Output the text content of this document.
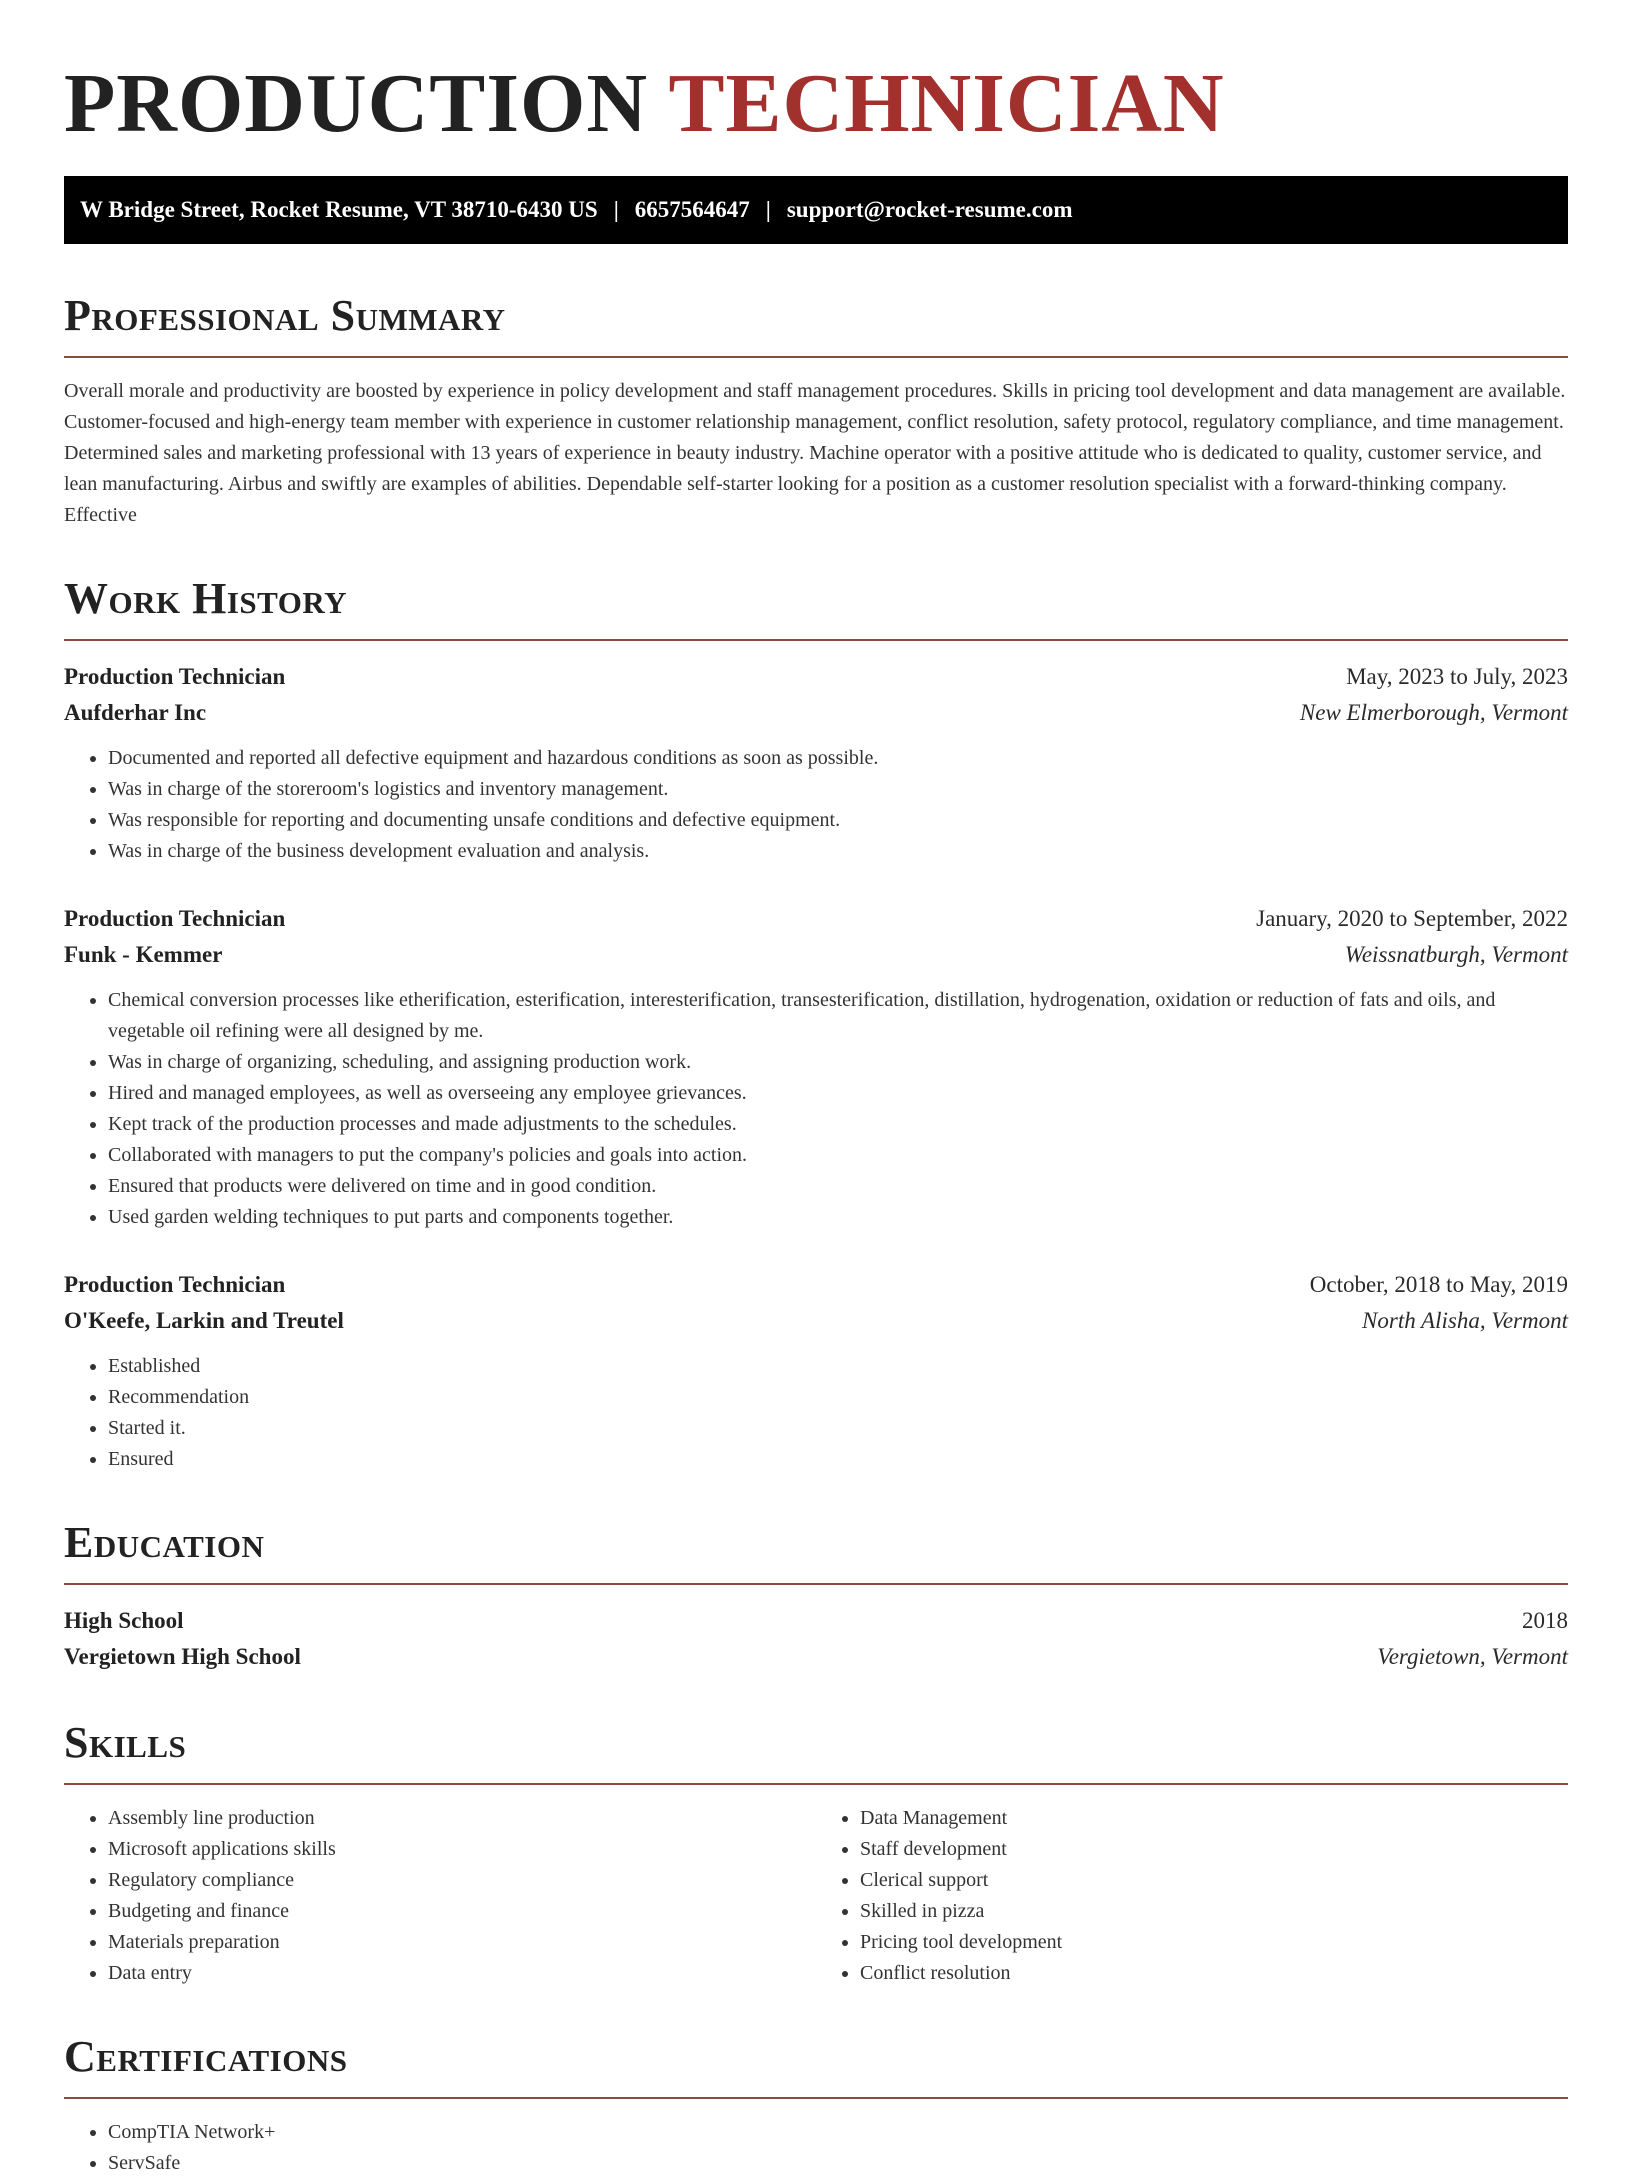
PRODUCTION TECHNICIAN
W Bridge Street, Rocket Resume, VT 38710-6430 US | 6657564647 | support@rocket-resume.com
Professional Summary

Overall morale and productivity are boosted by experience in policy development and staff management procedures. Skills in pricing tool development and data management are available. Customer-focused and high-energy team member with experience in customer relationship management, conflict resolution, safety protocol, regulatory compliance, and time management. Determined sales and marketing professional with 13 years of experience in beauty industry. Machine operator with a positive attitude who is dedicated to quality, customer service, and lean manufacturing. Airbus and swiftly are examples of abilities. Dependable self-starter looking for a position as a customer resolution specialist with a forward-thinking company. Effective

Work History
Production Technician	May, 2023 to July, 2023
Aufderhar Inc	New Elmerborough, Vermont
• Documented and reported all defective equipment and hazardous conditions as soon as possible.
• Was in charge of the storeroom's logistics and inventory management.
• Was responsible for reporting and documenting unsafe conditions and defective equipment.
• Was in charge of the business development evaluation and analysis.
Production Technician	January, 2020 to September, 2022
Funk - Kemmer	Weissnatburgh, Vermont
• Chemical conversion processes like etherification, esterification, interesterification, transesterification, distillation, hydrogenation, oxidation or reduction of fats and oils, and vegetable oil refining were all designed by me.
• Was in charge of organizing, scheduling, and assigning production work.
• Hired and managed employees, as well as overseeing any employee grievances.
• Kept track of the production processes and made adjustments to the schedules.
• Collaborated with managers to put the company's policies and goals into action.
• Ensured that products were delivered on time and in good condition.
• Used garden welding techniques to put parts and components together.
Production Technician	October, 2018 to May, 2019
O'Keefe, Larkin and Treutel	North Alisha, Vermont
• Established
• Recommendation
• Started it.
• Ensured
Education
High School	2018
Vergietown High School	Vergietown, Vermont
Skills
• Assembly line production
• Microsoft applications skills
• Regulatory compliance
• Budgeting and finance
• Materials preparation
• Data entry
• Data Management
• Staff development
• Clerical support
• Skilled in pizza
• Pricing tool development
• Conflict resolution
Certifications
• CompTIA Network+
• ServSafe
